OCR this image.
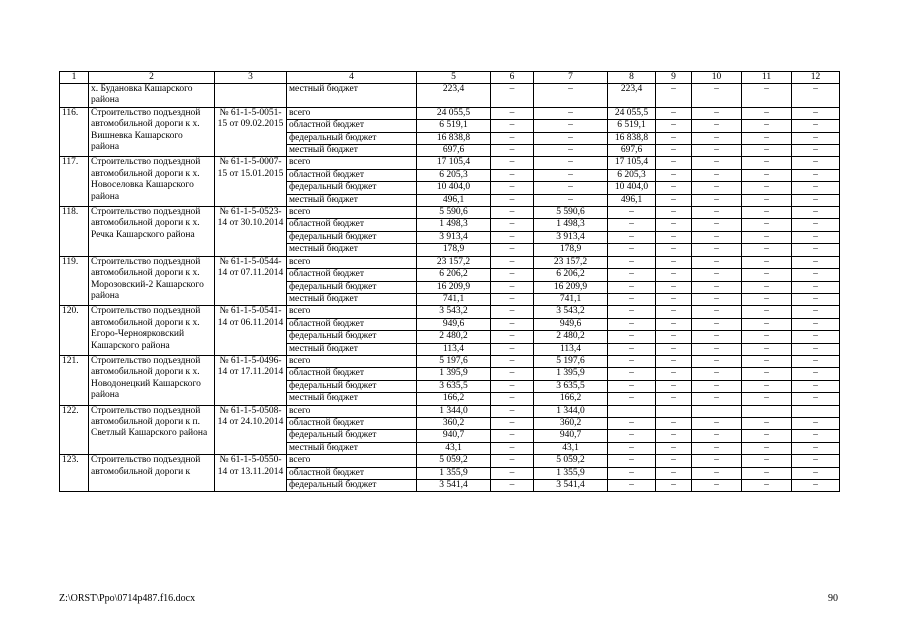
1	2	3	4	5	6	7	8	9	10	11	12
	х. Будановка Кашарского района		местный бюджет	223,4	–	–	223,4	–	–	–	–
116.	Строительство подъездной автомобильной дороги к х. Вишневка Кашарского района	№ 61-1-5-0051-15 от 09.02.2015	всего	24 055,5	–	–	24 055,5	–	–	–	–
			областной бюджет	6 519,1	–	–	6 519,1	–	–	–	–
			федеральный бюджет	16 838,8	–	–	16 838,8	–	–	–	–
			местный бюджет	697,6	–	–	697,6	–	–	–	–
117.	Строительство подъездной автомобильной дороги к х. Новоселовка Кашарского района	№ 61-1-5-0007-15 от 15.01.2015	всего	17 105,4	–	–	17 105,4	–	–	–	–
			областной бюджет	6 205,3	–	–	6 205,3	–	–	–	–
			федеральный бюджет	10 404,0	–	–	10 404,0	–	–	–	–
			местный бюджет	496,1	–	–	496,1	–	–	–	–
118.	Строительство подъездной автомобильной дороги к х. Речка Кашарского района	№ 61-1-5-0523-14 от 30.10.2014	всего	5 590,6	–	5 590,6	–	–	–	–	–
			областной бюджет	1 498,3	–	1 498,3	–	–	–	–	–
			федеральный бюджет	3 913,4	–	3 913,4	–	–	–	–	–
			местный бюджет	178,9	–	178,9	–	–	–	–	–
119.	Строительство подъездной автомобильной дороги к х. Морозовский-2 Кашарского района	№ 61-1-5-0544-14 от 07.11.2014	всего	23 157,2	–	23 157,2	–	–	–	–	–
			областной бюджет	6 206,2	–	6 206,2	–	–	–	–	–
			федеральный бюджет	16 209,9	–	16 209,9	–	–	–	–	–
			местный бюджет	741,1	–	741,1	–	–	–	–	–
120.	Строительство подъездной автомобильной дороги к х. Егоро-Черноярковский Кашарского района	№ 61-1-5-0541-14 от 06.11.2014	всего	3 543,2	–	3 543,2	–	–	–	–	–
			областной бюджет	949,6	–	949,6	–	–	–	–	–
			федеральный бюджет	2 480,2	–	2 480,2	–	–	–	–	–
			местный бюджет	113,4	–	113,4	–	–	–	–	–
121.	Строительство подъездной автомобильной дороги к х. Новодонецкий Кашарского района	№ 61-1-5-0496-14 от 17.11.2014	всего	5 197,6	–	5 197,6	–	–	–	–	–
			областной бюджет	1 395,9	–	1 395,9	–	–	–	–	–
			федеральный бюджет	3 635,5	–	3 635,5	–	–	–	–	–
			местный бюджет	166,2	–	166,2	–	–	–	–	–
122.	Строительство подъездной автомобильной дороги к п. Светлый Кашарского района	№ 61-1-5-0508-14 от 24.10.2014	всего	1 344,0	–	1 344,0					
			областной бюджет	360,2	–	360,2	–	–	–	–	–
			федеральный бюджет	940,7	–	940,7	–	–	–	–	–
			местный бюджет	43,1	–	43,1	–	–	–	–	–
123.	Строительство подъездной автомобильной дороги к	№ 61-1-5-0550-14 от 13.11.2014	всего	5 059,2	–	5 059,2	–	–	–	–	–
			областной бюджет	1 355,9	–	1 355,9	–	–	–	–	–
			федеральный бюджет	3 541,4	–	3 541,4	–	–	–	–	–
Z:\ORST\Ppo\0714p487.f16.docx	90
